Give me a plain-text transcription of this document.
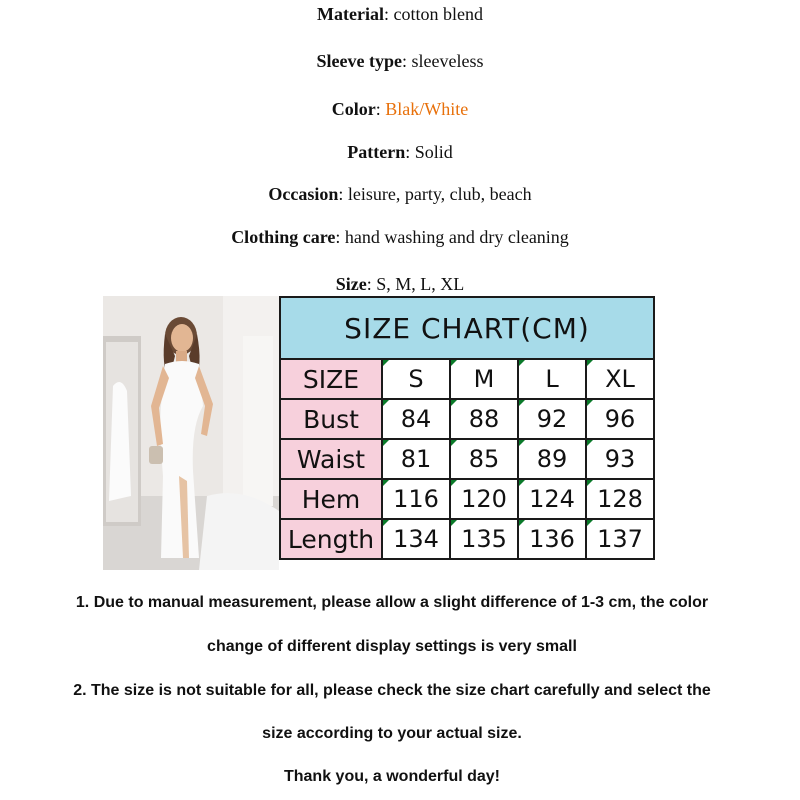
Material: cotton blend
Sleeve type: sleeveless
Color: Blak/White
Pattern: Solid
Occasion: leisure, party, club, beach
Clothing care: hand washing and dry cleaning
Size: S, M, L, XL
SIZE CHART(CM)				
SIZE	S	M	L	XL
Bust	84	88	92	96
Waist	81	85	89	93
Hem	116	120	124	128
Length	134	135	136	137
1. Due to manual measurement, please allow a slight difference of 1-3 cm, the color
change of different display settings is very small
2. The size is not suitable for all, please check the size chart carefully and select the
size according to your actual size.
Thank you, a wonderful day!
